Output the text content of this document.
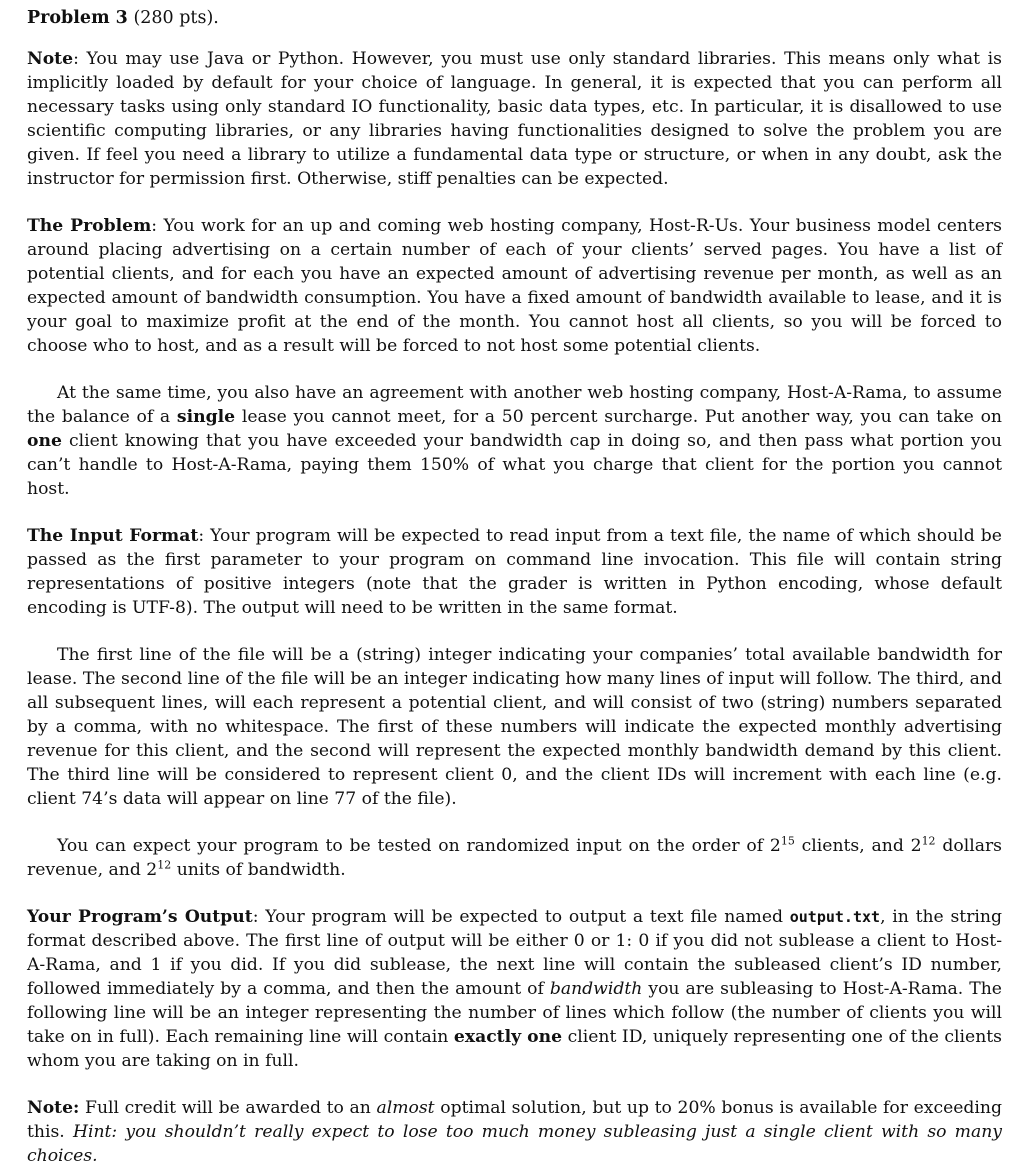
Problem 3 (280 pts).

Note: You may use Java or Python. However, you must use only standard libraries. This means only what is implicitly loaded by default for your choice of language. In general, it is expected that you can perform all necessary tasks using only standard IO functionality, basic data types, etc. In particular, it is disallowed to use scientific computing libraries, or any libraries having functionalities designed to solve the problem you are given. If feel you need a library to utilize a fundamental data type or structure, or when in any doubt, ask the instructor for permission first. Otherwise, stiff penalties can be expected.

The Problem: You work for an up and coming web hosting company, Host-R-Us. Your business model centers around placing advertising on a certain number of each of your clients’ served pages. You have a list of potential clients, and for each you have an expected amount of advertising revenue per month, as well as an expected amount of bandwidth consumption. You have a fixed amount of bandwidth available to lease, and it is your goal to maximize profit at the end of the month. You cannot host all clients, so you will be forced to choose who to host, and as a result will be forced to not host some potential clients.

At the same time, you also have an agreement with another web hosting company, Host-A-Rama, to assume the balance of a single lease you cannot meet, for a 50 percent surcharge. Put another way, you can take on one client knowing that you have exceeded your bandwidth cap in doing so, and then pass what portion you can’t handle to Host-A-Rama, paying them 150% of what you charge that client for the portion you cannot host.

The Input Format: Your program will be expected to read input from a text file, the name of which should be passed as the first parameter to your program on command line invocation. This file will contain string representations of positive integers (note that the grader is written in Python encoding, whose default encoding is UTF-8). The output will need to be written in the same format.

The first line of the file will be a (string) integer indicating your companies’ total available bandwidth for lease. The second line of the file will be an integer indicating how many lines of input will follow. The third, and all subsequent lines, will each represent a potential client, and will consist of two (string) numbers separated by a comma, with no whitespace. The first of these numbers will indicate the expected monthly advertising revenue for this client, and the second will represent the expected monthly bandwidth demand by this client. The third line will be considered to represent client 0, and the client IDs will increment with each line (e.g. client 74’s data will appear on line 77 of the file).

You can expect your program to be tested on randomized input on the order of $2^{15}$ clients, and $2^{12}$ dollars revenue, and $2^{12}$ units of bandwidth.

Your Program’s Output: Your program will be expected to output a text file named output.txt, in the string format described above. The first line of output will be either 0 or 1: 0 if you did not sublease a client to Host-A-Rama, and 1 if you did. If you did sublease, the next line will contain the subleased client’s ID number, followed immediately by a comma, and then the amount of bandwidth you are subleasing to Host-A-Rama. The following line will be an integer representing the number of lines which follow (the number of clients you will take on in full). Each remaining line will contain exactly one client ID, uniquely representing one of the clients whom you are taking on in full.

Note: Full credit will be awarded to an almost optimal solution, but up to 20% bonus is available for exceeding this. Hint: you shouldn’t really expect to lose too much money subleasing just a single client with so many choices.
